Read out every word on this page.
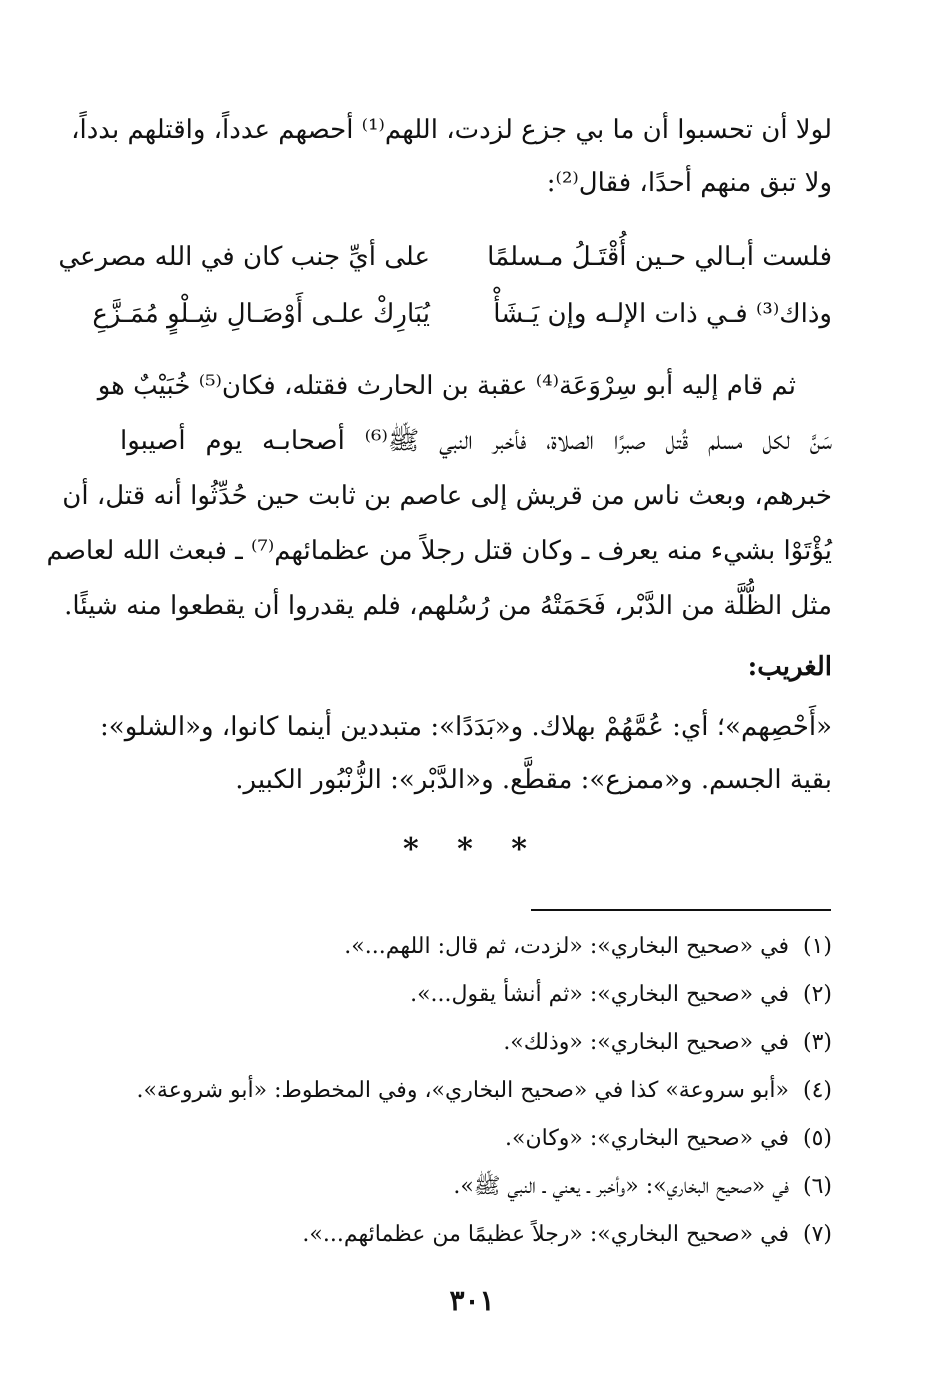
لولا أن تحسبوا أن ما بي جزع لزدت، اللهم⁽¹⁾ أحصهم عدداً، واقتلهم بدداً،
ولا تبق منهم أحدًا، فقال⁽²⁾:
فلست أبـالي حـين أُقْتَـلُ مـسلمًا
على أيِّ جنب كان في الله مصرعي
وذاك⁽³⁾ فـي ذات الإلـه وإن يَـشَأْ
يُبَارِكْ علـى أَوْصَـالِ شِـلْوٍ مُمَـزَّعِ
ثم قام إليه أبو سِرْوَعَة⁽⁴⁾ عقبة بن الحارث فقتله، فكان⁽⁵⁾ خُبَيْبٌ هو
سَنَّ لكل مسلم قُتل صبرًا الصلاة، فأخبر النبي ﷺ⁽⁶⁾ أصحابـه يوم أصيبوا
خبرهم، وبعث ناس من قريش إلى عاصم بن ثابت حين حُدِّثُوا أنه قتل، أن
يُؤْتَوْا بشيء منه يعرف ـ وكان قتل رجلاً من عظمائهم⁽⁷⁾ ـ فبعث الله لعاصم
مثل الظُّلَّة من الدَّبْر، فَحَمَتْهُ من رُسُلهم، فلم يقدروا أن يقطعوا منه شيئًا.
الغريب:
«أَحْصِهم»؛ أي: عُمَّهُمْ بهلاك. و«بَدَدًا»: متبددين أينما كانوا، و«الشلو»:
بقية الجسم. و«ممزع»: مقطَّع. و«الدَّبْر»: الزُّنْبُور الكبير.
* * *
(١)  في «صحيح البخاري»: «لزدت، ثم قال: اللهم...».
(٢)  في «صحيح البخاري»: «ثم أنشأ يقول...».
(٣)  في «صحيح البخاري»: «وذلك».
(٤)  «أبو سروعة» كذا في «صحيح البخاري»، وفي المخطوط: «أبو شروعة».
(٥)  في «صحيح البخاري»: «وكان».
(٦)  في «صحيح البخاري»: «وأخبر ـ يعني ـ النبي ﷺ».
(٧)  في «صحيح البخاري»: «رجلاً عظيمًا من عظمائهم...».
٣٠١
